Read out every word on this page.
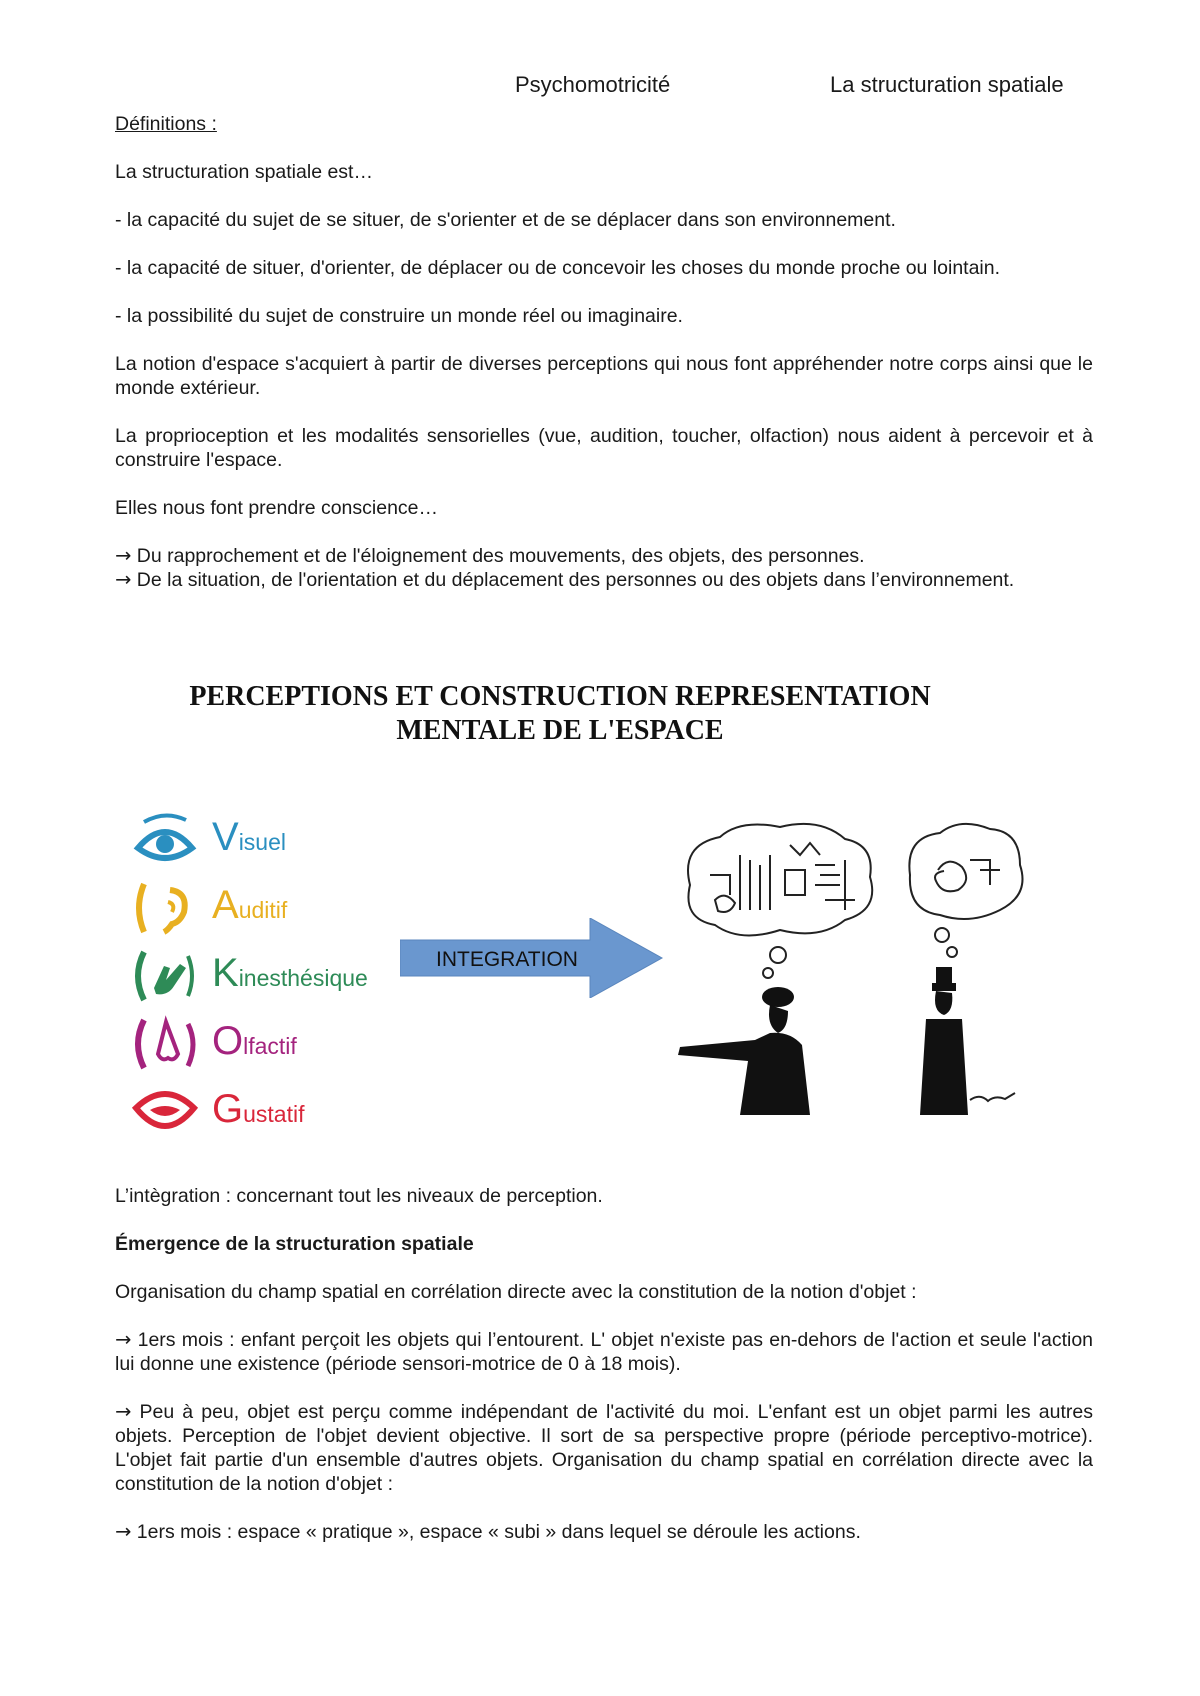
Psychomotricité	La structuration spatiale

Définitions :

La structuration spatiale est…

- la capacité du sujet de se situer, de s'orienter et de se déplacer dans son environnement.

- la capacité de situer, d'orienter, de déplacer ou de concevoir les choses du monde proche ou lointain.

- la possibilité du sujet de construire un monde réel ou imaginaire.

La notion d'espace s'acquiert à partir de diverses perceptions qui nous font appréhender notre corps ainsi que le monde extérieur.

La proprioception et les modalités sensorielles (vue, audition, toucher, olfaction) nous aident à percevoir et à construire l'espace.

Elles nous font prendre conscience…

→ Du rapprochement et de l'éloignement des mouvements, des objets, des personnes.

→ De la situation, de l'orientation et du déplacement des personnes ou des objets dans l’environnement.

PERCEPTIONS ET CONSTRUCTION REPRESENTATION
MENTALE DE L'ESPACE
Visuel
Auditif
Kinesthésique
Olfactif
Gustatif
INTEGRATION

L’intègration : concernant tout les niveaux de perception.

Émergence de la structuration spatiale

Organisation du champ spatial en corrélation directe avec la constitution de la notion d'objet :

→ 1ers mois : enfant perçoit les objets qui l’entourent. L' objet n'existe pas en-dehors de l'action et seule l'action lui donne une existence (période sensori-motrice de 0 à 18 mois).

→ Peu à peu, objet est perçu comme indépendant de l'activité du moi. L'enfant est un objet parmi les autres objets. Perception de l'objet devient objective. Il sort de sa perspective propre (période perceptivo-motrice). L'objet fait partie d'un ensemble d'autres objets. Organisation du champ spatial en corrélation directe avec la constitution de la notion d'objet :

→ 1ers mois : espace « pratique », espace « subi » dans lequel se déroule les actions.
